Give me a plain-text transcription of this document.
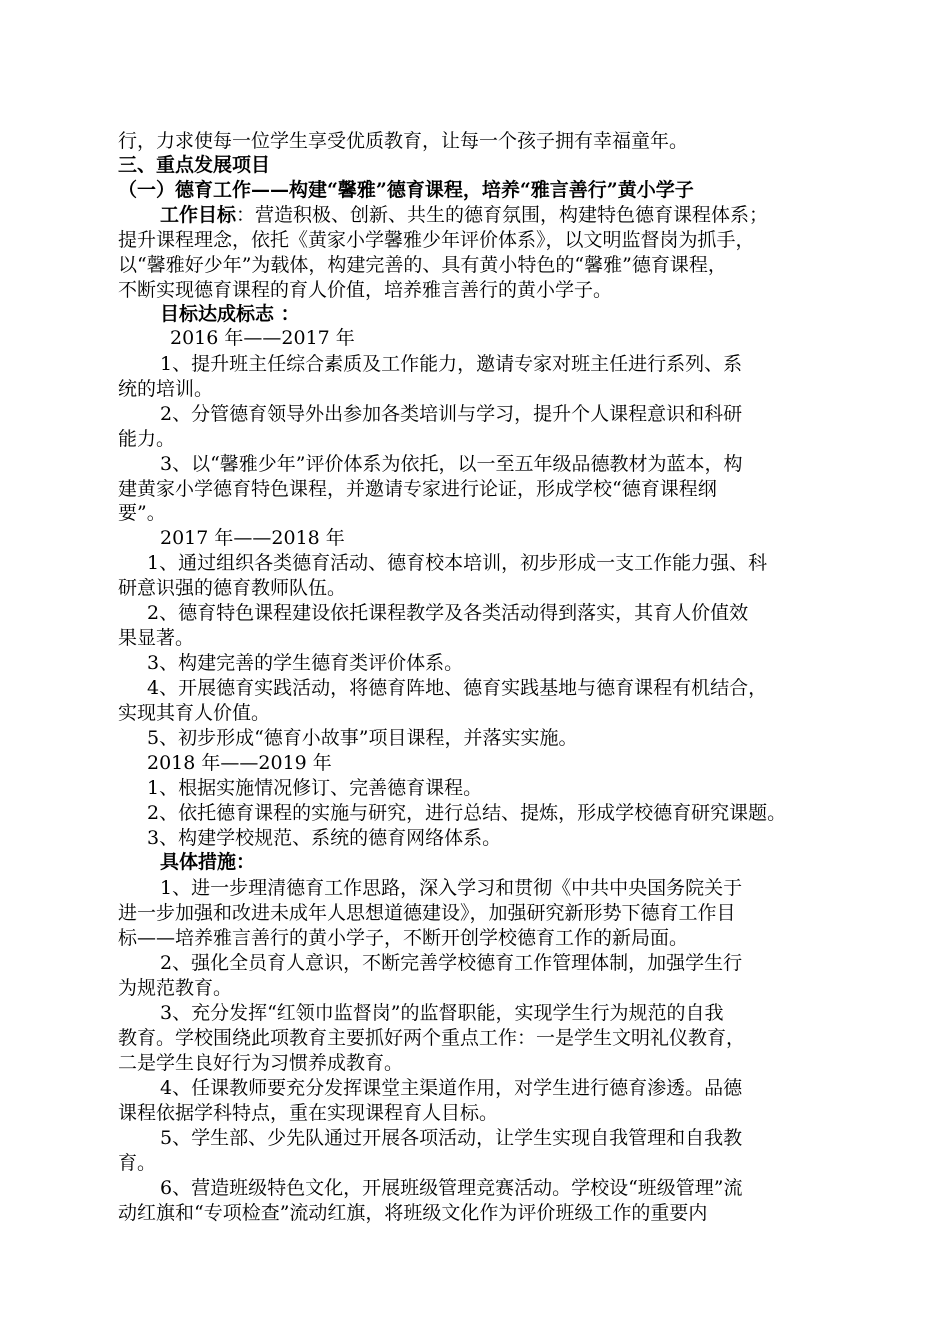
行，力求使每一位学生享受优质教育，让每一个孩子拥有幸福童年。
三、重点发展项目
（一）德育工作——构建“馨雅”德育课程，培养“雅言善行”黄小学子
工作目标：营造积极、创新、共生的德育氛围，构建特色德育课程体系；
提升课程理念，依托《黄家小学馨雅少年评价体系》，以文明监督岗为抓手，
以“馨雅好少年”为载体，构建完善的、具有黄小特色的“馨雅”德育课程，
不断实现德育课程的育人价值，培养雅言善行的黄小学子。
目标达成标志 ：
2016 年——2017 年
1、提升班主任综合素质及工作能力，邀请专家对班主任进行系列、系
统的培训。
2、分管德育领导外出参加各类培训与学习，提升个人课程意识和科研
能力。
3、以“馨雅少年”评价体系为依托，以一至五年级品德教材为蓝本，构
建黄家小学德育特色课程，并邀请专家进行论证，形成学校“德育课程纲
要”。
2017 年——2018 年
1、通过组织各类德育活动、德育校本培训，初步形成一支工作能力强、科
研意识强的德育教师队伍。
2、德育特色课程建设依托课程教学及各类活动得到落实，其育人价值效
果显著。
3、构建完善的学生德育类评价体系。
4、开展德育实践活动，将德育阵地、德育实践基地与德育课程有机结合，
实现其育人价值。
5、初步形成“德育小故事”项目课程，并落实实施。
2018 年——2019 年
1、根据实施情况修订、完善德育课程。
2、依托德育课程的实施与研究，进行总结、提炼，形成学校德育研究课题。
3、构建学校规范、系统的德育网络体系。
具体措施：
1、进一步理清德育工作思路，深入学习和贯彻《中共中央国务院关于
进一步加强和改进未成年人思想道德建设》，加强研究新形势下德育工作目
标——培养雅言善行的黄小学子，不断开创学校德育工作的新局面。
2、强化全员育人意识，不断完善学校德育工作管理体制，加强学生行
为规范教育。
3、充分发挥“红领巾监督岗”的监督职能，实现学生行为规范的自我
教育。学校围绕此项教育主要抓好两个重点工作：一是学生文明礼仪教育，
二是学生良好行为习惯养成教育。
4、任课教师要充分发挥课堂主渠道作用，对学生进行德育渗透。品德
课程依据学科特点，重在实现课程育人目标。
5、学生部、少先队通过开展各项活动，让学生实现自我管理和自我教
育。
6、营造班级特色文化，开展班级管理竞赛活动。学校设“班级管理”流
动红旗和“专项检查”流动红旗，将班级文化作为评价班级工作的重要内
